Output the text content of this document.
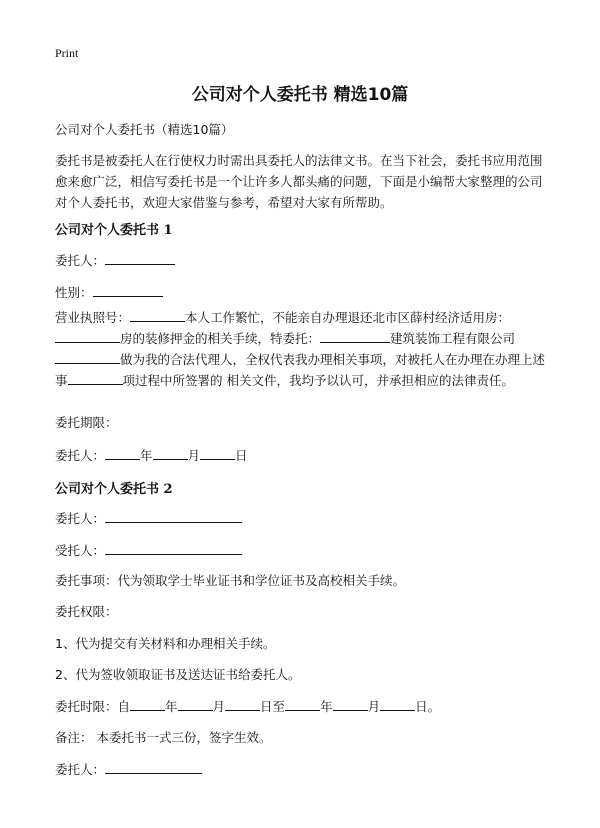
Print
公司对个人委托书 精选10篇
公司对个人委托书（精选10篇）
委托书是被委托人在行使权力时需出具委托人的法律文书。在当下社会，委托书应用范围愈来愈广泛，相信写委托书是一个让许多人都头痛的问题，下面是小编帮大家整理的公司对个人委托书，欢迎大家借鉴与参考，希望对大家有所帮助。
公司对个人委托书 1
委托人：
性别：
营业执照号：	本人工作繁忙，不能亲自办理退还北市区薛村经济适用房：房的装修押金的相关手续，特委托：	建筑装饰工程有限公司做为我的合法代理人，全权代表我办理相关事项，对被托人在办理在办理上述事	项过程中所签署的 相关文件，我均予以认可，并承担相应的法律责任。
委托期限：
委托人：	年	月	日
公司对个人委托书 2
委托人：
受托人：
委托事项：代为领取学士毕业证书和学位证书及高校相关手续。
委托权限：
1、代为提交有关材料和办理相关手续。
2、代为签收领取证书及送达证书给委托人。
委托时限：自	年	月	日至	年	月	日。
备注： 本委托书一式三份，签字生效。
委托人：
